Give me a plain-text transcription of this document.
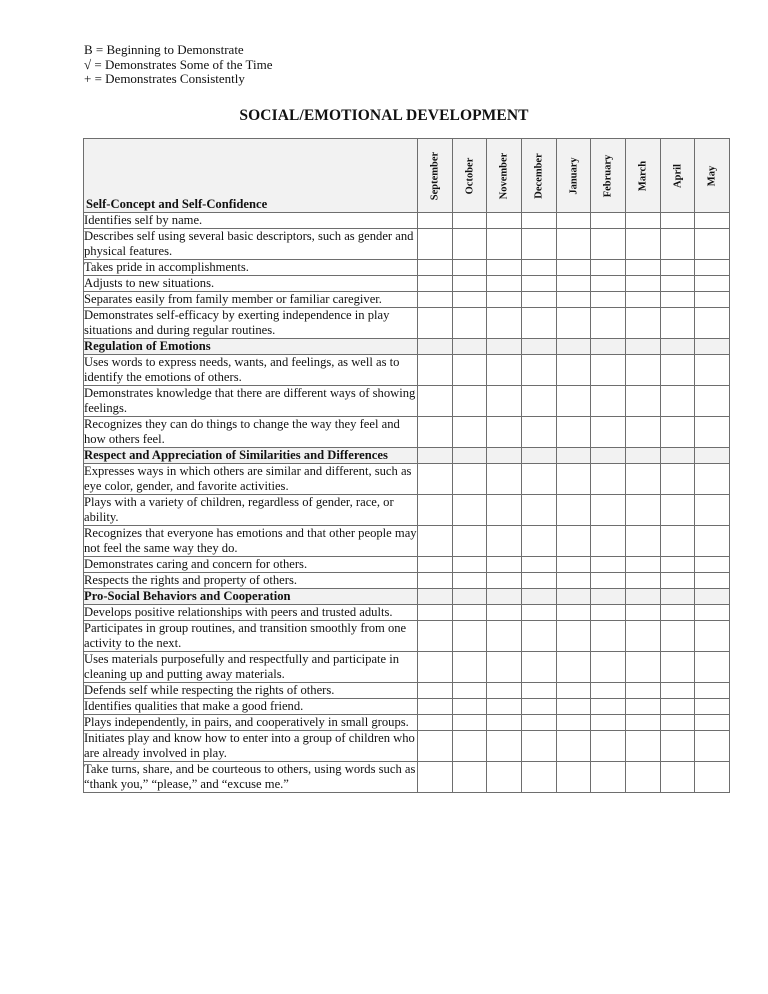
B = Beginning to Demonstrate
√ = Demonstrates Some of the Time
+ = Demonstrates Consistently
SOCIAL/EMOTIONAL DEVELOPMENT
Self-Concept and Self-Confidence	September	October	November	December	January	February	March	April	May

Identifies self by name.									
Describes self using several basic descriptors, such as gender and physical features.									
Takes pride in accomplishments.									
Adjusts to new situations.									
Separates easily from family member or familiar caregiver.									
Demonstrates self-efficacy by exerting independence in play situations and during regular routines.									
Regulation of Emotions									
Uses words to express needs, wants, and feelings, as well as to identify the emotions of others.									
Demonstrates knowledge that there are different ways of showing feelings.									
Recognizes they can do things to change the way they feel and how others feel.									
Respect and Appreciation of Similarities and Differences									
Expresses ways in which others are similar and different, such as eye color, gender, and favorite activities.									
Plays with a variety of children, regardless of gender, race, or ability.									
Recognizes that everyone has emotions and that other people may not feel the same way they do.									
Demonstrates caring and concern for others.									
Respects the rights and property of others.									
Pro-Social Behaviors and Cooperation									
Develops positive relationships with peers and trusted adults.									
Participates in group routines, and transition smoothly from one activity to the next.									
Uses materials purposefully and respectfully and participate in cleaning up and putting away materials.									
Defends self while respecting the rights of others.									
Identifies qualities that make a good friend.									
Plays independently, in pairs, and cooperatively in small groups.									
Initiates play and know how to enter into a group of children who are already involved in play.									
Take turns, share, and be courteous to others, using words such as “thank you,” “please,” and “excuse me.”									
